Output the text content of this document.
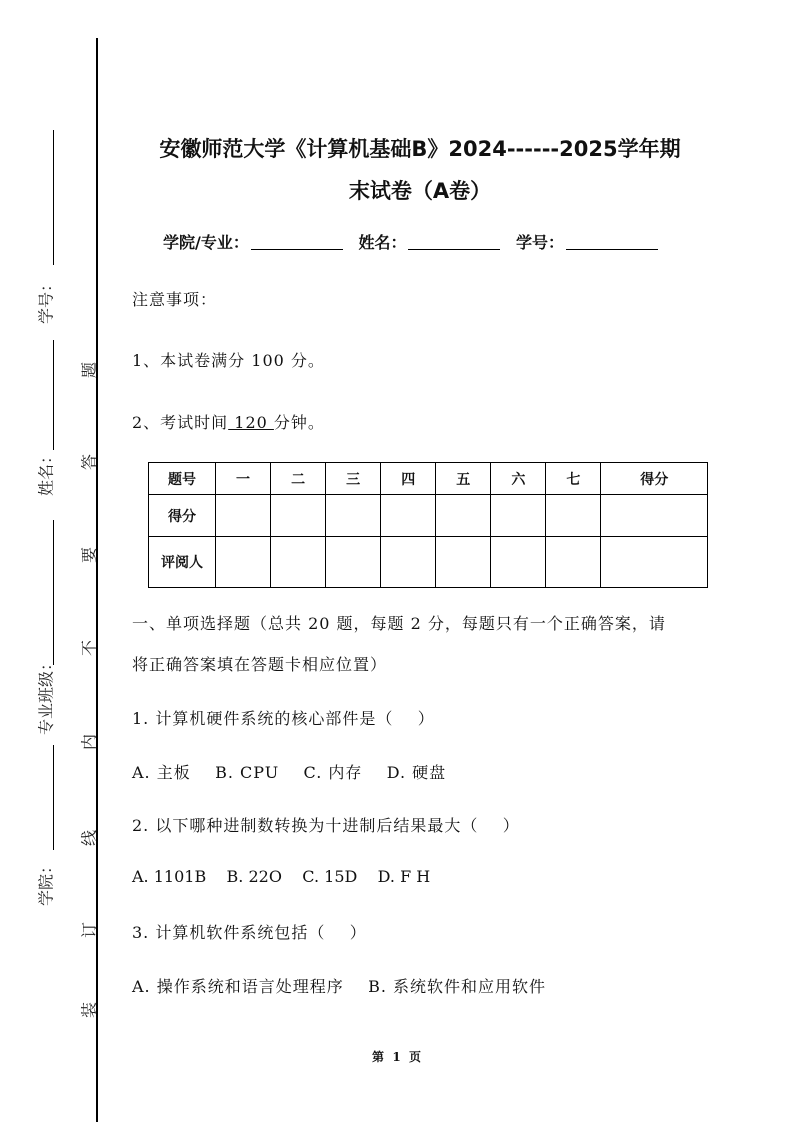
学号：
姓名：
专业班级：
学院：
题
答
要
不
内
线
订
装
安徽师范大学《计算机基础B》2024------2025学年期
末试卷（A卷）
学院/专业：	姓名：	学号：
注意事项：
1、本试卷满分 100 分。
2、考试时间 120 分钟。
题号	一	二	三	四	五	六	七	得分
得分								
评阅人								
一、单项选择题（总共 20 题，每题 2 分，每题只有一个正确答案，请
将正确答案填在答题卡相应位置）
1. 计算机硬件系统的核心部件是（    ）
A. 主板    B. CPU    C. 内存    D. 硬盘
2. 以下哪种进制数转换为十进制后结果最大（    ）
A. 1101B    B. 22O    C. 15D    D. F H
3. 计算机软件系统包括（    ）
A. 操作系统和语言处理程序    B. 系统软件和应用软件
第  1  页
